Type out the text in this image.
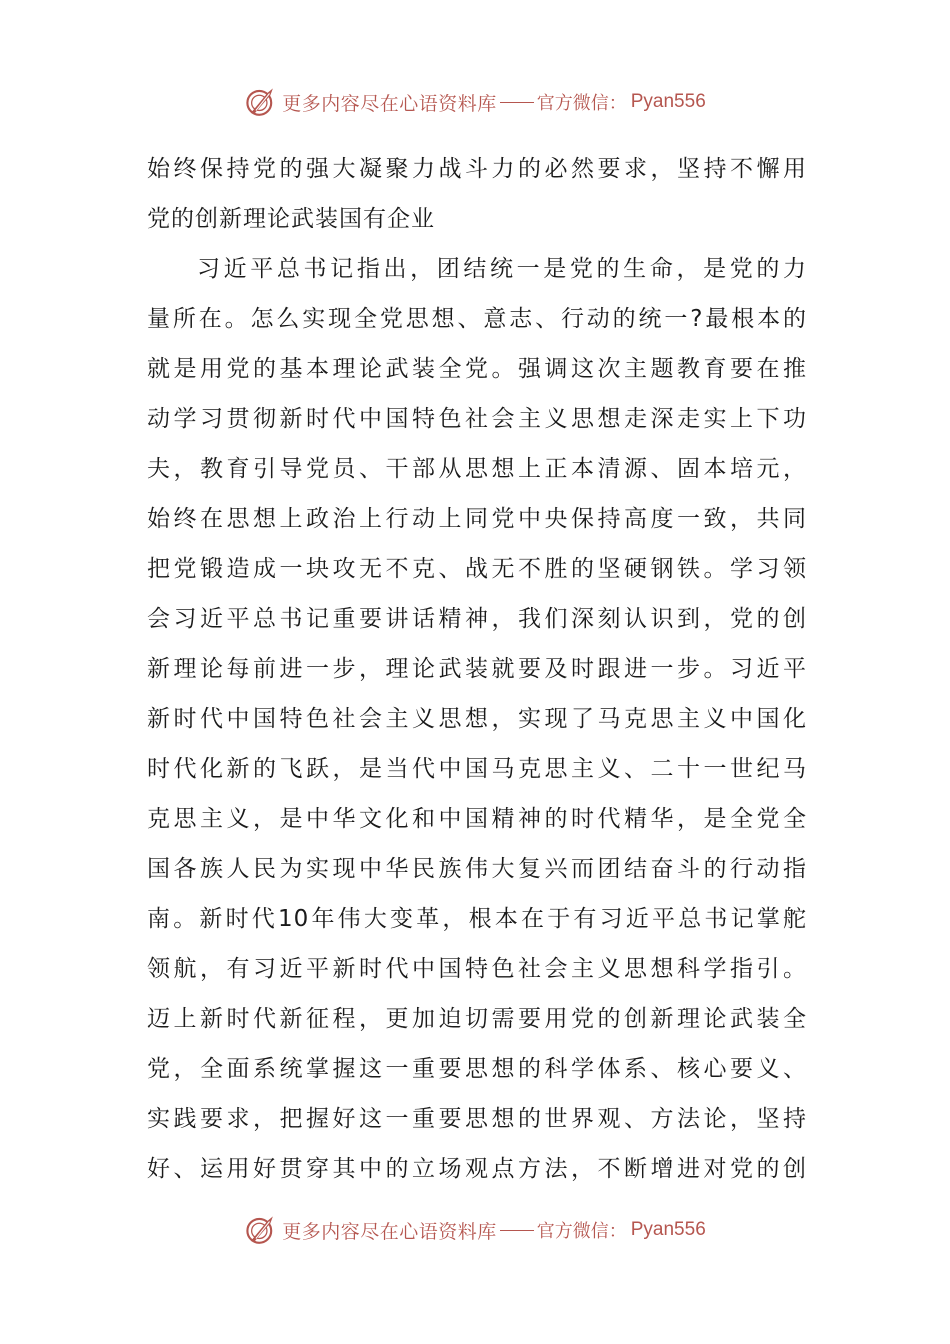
更多内容尽在心语资料库 官方微信： Pyan556
始终保持党的强大凝聚力战斗力的必然要求，坚持不懈用
党的创新理论武装国有企业
习近平总书记指出，团结统一是党的生命，是党的力
量所在。怎么实现全党思想、意志、行动的统一?最根本的
就是用党的基本理论武装全党。强调这次主题教育要在推
动学习贯彻新时代中国特色社会主义思想走深走实上下功
夫，教育引导党员、干部从思想上正本清源、固本培元，
始终在思想上政治上行动上同党中央保持高度一致，共同
把党锻造成一块攻无不克、战无不胜的坚硬钢铁。学习领
会习近平总书记重要讲话精神，我们深刻认识到，党的创
新理论每前进一步，理论武装就要及时跟进一步。习近平
新时代中国特色社会主义思想，实现了马克思主义中国化
时代化新的飞跃，是当代中国马克思主义、二十一世纪马
克思主义，是中华文化和中国精神的时代精华，是全党全
国各族人民为实现中华民族伟大复兴而团结奋斗的行动指
南。新时代10年伟大变革，根本在于有习近平总书记掌舵
领航，有习近平新时代中国特色社会主义思想科学指引。
迈上新时代新征程，更加迫切需要用党的创新理论武装全
党，全面系统掌握这一重要思想的科学体系、核心要义、
实践要求，把握好这一重要思想的世界观、方法论，坚持
好、运用好贯穿其中的立场观点方法，不断增进对党的创
更多内容尽在心语资料库 官方微信： Pyan556
